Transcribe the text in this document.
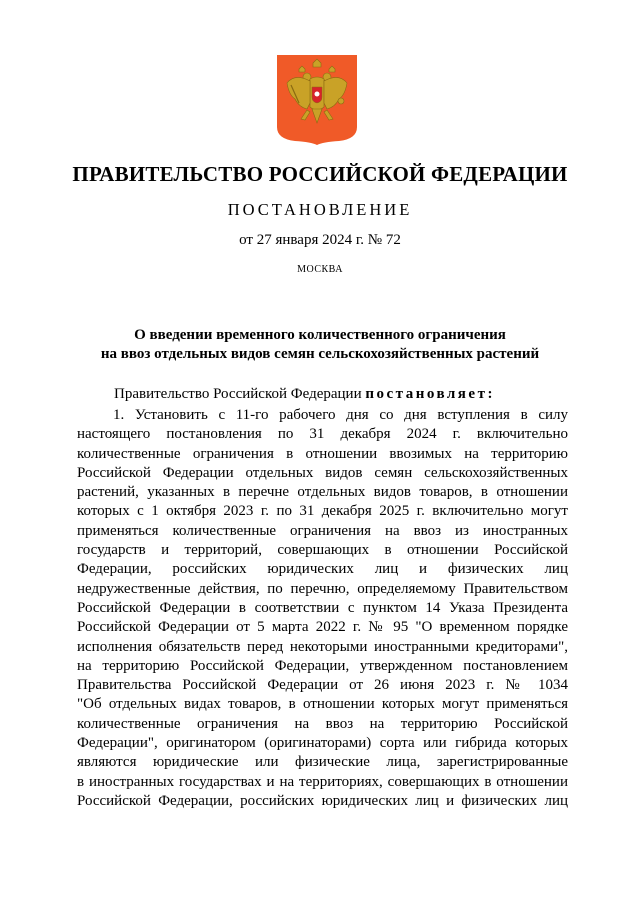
ПРАВИТЕЛЬСТВО РОССИЙСКОЙ ФЕДЕРАЦИИ
ПОСТАНОВЛЕНИЕ
от 27 января 2024 г. № 72
МОСКВА
О введении временного количественного ограничения
на ввоз отдельных видов семян сельскохозяйственных растений
Правительство Российской Федерации постановляет:
1. Установить с 11-го рабочего дня со дня вступления в силу
настоящего постановления по 31 декабря 2024 г. включительно
количественные ограничения в отношении ввозимых на территорию
Российской Федерации отдельных видов семян сельскохозяйственных
растений, указанных в перечне отдельных видов товаров, в отношении
которых с 1 октября 2023 г. по 31 декабря 2025 г. включительно могут
применяться количественные ограничения на ввоз из иностранных
государств и территорий, совершающих в отношении Российской
Федерации, российских юридических лиц и физических лиц
недружественные действия, по перечню, определяемому Правительством
Российской Федерации в соответствии с пунктом 14 Указа Президента
Российской Федерации от 5 марта 2022 г. № 95 "О временном порядке
исполнения обязательств перед некоторыми иностранными кредиторами",
на территорию Российской Федерации, утвержденном постановлением
Правительства Российской Федерации от 26 июня 2023 г. № 1034
"Об отдельных видах товаров, в отношении которых могут применяться
количественные ограничения на ввоз на территорию Российской
Федерации", оригинатором (оригинаторами) сорта или гибрида которых
являются юридические или физические лица, зарегистрированные
в иностранных государствах и на территориях, совершающих в отношении
Российской Федерации, российских юридических лиц и физических лиц
